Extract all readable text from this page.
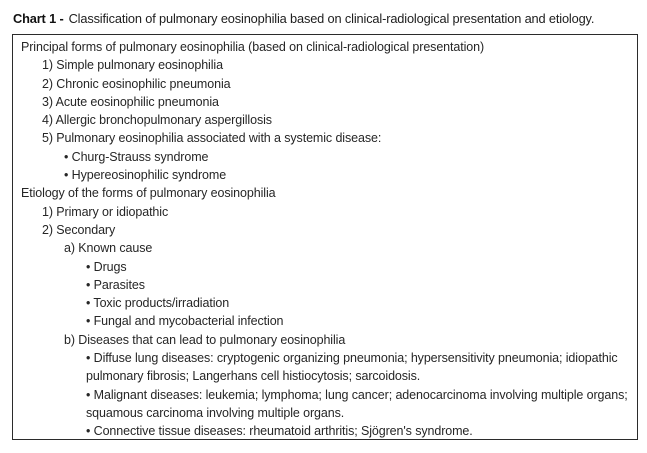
Chart 1 - Classification of pulmonary eosinophilia based on clinical-radiological presentation and etiology.
Principal forms of pulmonary eosinophilia (based on clinical-radiological presentation)
1) Simple pulmonary eosinophilia
2) Chronic eosinophilic pneumonia
3) Acute eosinophilic pneumonia
4) Allergic bronchopulmonary aspergillosis
5) Pulmonary eosinophilia associated with a systemic disease:
• Churg-Strauss syndrome
• Hypereosinophilic syndrome
Etiology of the forms of pulmonary eosinophilia
1) Primary or idiopathic
2) Secondary
a) Known cause
• Drugs
• Parasites
• Toxic products/irradiation
• Fungal and mycobacterial infection
b) Diseases that can lead to pulmonary eosinophilia
• Diffuse lung diseases: cryptogenic organizing pneumonia; hypersensitivity pneumonia; idiopathic pulmonary fibrosis; Langerhans cell histiocytosis; sarcoidosis.
• Malignant diseases: leukemia; lymphoma; lung cancer; adenocarcinoma involving multiple organs; squamous carcinoma involving multiple organs.
• Connective tissue diseases: rheumatoid arthritis; Sjögren's syndrome.
